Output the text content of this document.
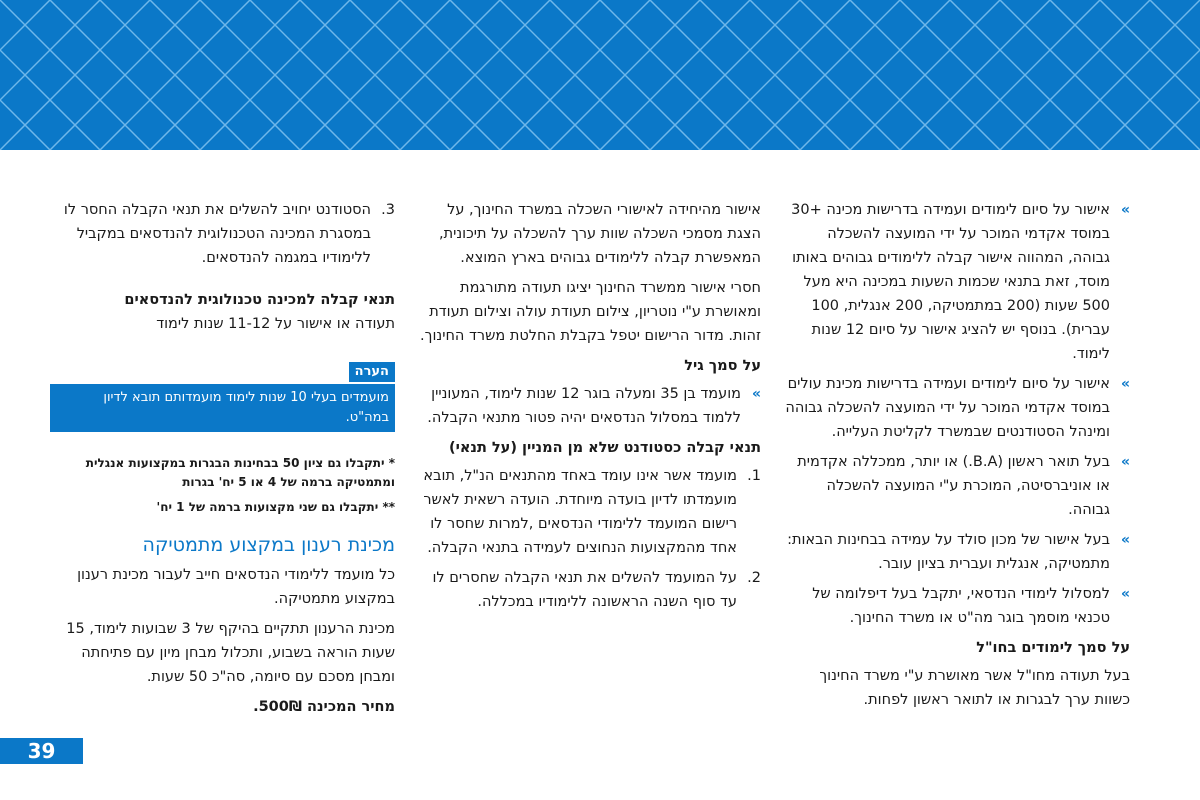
»
אישור על סיום לימודים ועמידה בדרישות מכינה +30 במוסד אקדמי המוכר על ידי המועצה להשכלה גבוהה, המהווה אישור קבלה ללימודים גבוהים באותו מוסד, זאת בתנאי שכמות השעות במכינה היא מעל 500 שעות (200 במתמטיקה, 200 אנגלית, 100 עברית). בנוסף יש להציג אישור על סיום 12 שנות לימוד.
»
אישור על סיום לימודים ועמידה בדרישות מכינת עולים במוסד אקדמי המוכר על ידי המועצה להשכלה גבוהה ומינהל הסטודנטים שבמשרד לקליטת העלייה.
»
בעל תואר ראשון (B.A.) או יותר, ממכללה אקדמית או אוניברסיטה, המוכרת ע"י המועצה להשכלה גבוהה.
»
בעל אישור של מכון סולד על עמידה בבחינות הבאות: מתמטיקה, אנגלית ועברית בציון עובר.
»
למסלול לימודי הנדסאי, יתקבל בעל דיפלומה של טכנאי מוסמך בוגר מה"ט או משרד החינוך.
על סמך לימודים בחו"ל

בעל תעודה מחו"ל אשר מאושרת ע"י משרד החינוך כשוות ערך לבגרות או לתואר ראשון לפחות.

אישור מהיחידה לאישורי השכלה במשרד החינוך, על הצגת מסמכי השכלה שוות ערך להשכלה על תיכונית, המאפשרת קבלה ללימודים גבוהים בארץ המוצא.

חסרי אישור ממשרד החינוך יציגו תעודה מתורגמת ומאושרת ע"י נוטריון, צילום תעודת עולה וצילום תעודת זהות. מדור הרישום יטפל בקבלת החלטת משרד החינוך.

על סמך גיל
»
מועמד בן 35 ומעלה בוגר 12 שנות לימוד, המעוניין ללמוד במסלול הנדסאים יהיה פטור מתנאי הקבלה.
תנאי קבלה כסטודנט שלא מן המניין (על תנאי)
1.
מועמד אשר אינו עומד באחד מהתנאים הנ"ל, תובא מועמדתו לדיון בועדה מיוחדת. הועדה רשאית לאשר רישום המועמד ללימודי הנדסאים ,למרות שחסר לו אחד מהמקצועות הנחוצים לעמידה בתנאי הקבלה.
2.
על המועמד להשלים את תנאי הקבלה שחסרים לו עד סוף השנה הראשונה ללימודיו במכללה.
3.
הסטודנט יחויב להשלים את תנאי הקבלה החסר לו במסגרת המכינה הטכנולוגית להנדסאים במקביל ללימודיו במגמה להנדסאים.
תנאי קבלה למכינה טכנולוגית להנדסאים

תעודה או אישור על 11-12 שנות לימוד

הערה
מועמדים בעלי 10 שנות לימוד מועמדותם תובא לדיון במה"ט.

* יתקבלו גם ציון 50 בבחינות הבגרות במקצועות אנגלית ומתמטיקה ברמה של 4 או 5 יח' בגרות

** יתקבלו גם שני מקצועות ברמה של 1 יח'

מכינת רענון במקצוע מתמטיקה

כל מועמד ללימודי הנדסאים חייב לעבור מכינת רענון במקצוע מתמטיקה.

מכינת הרענון תתקיים בהיקף של 3 שבועות לימוד, 15 שעות הוראה בשבוע, ותכלול מבחן מיון עם פתיחתה ומבחן מסכם עם סיומה, סה"כ 50 שעות.

מחיר המכינה 500₪.

39
